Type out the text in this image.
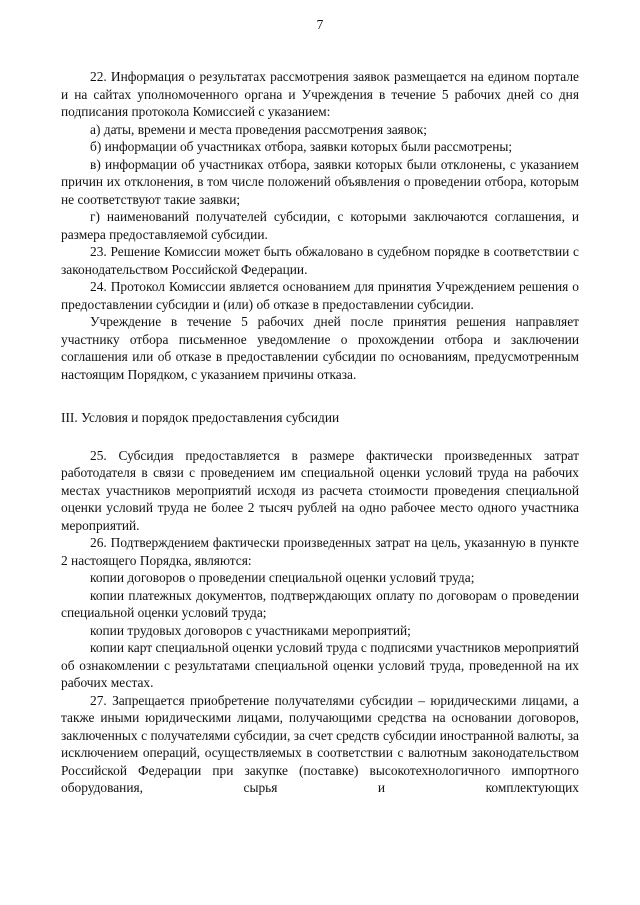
7

22. Информация о результатах рассмотрения заявок размещается на едином портале и на сайтах уполномоченного органа и Учреждения в течение 5 рабочих дней со дня подписания протокола Комиссией с указанием:

а) даты, времени и места проведения рассмотрения заявок;

б) информации об участниках отбора, заявки которых были рассмотрены;

в) информации об участниках отбора, заявки которых были отклонены, с указанием причин их отклонения, в том числе положений объявления о проведении отбора, которым не соответствуют такие заявки;

г) наименований получателей субсидии, с которыми заключаются соглашения, и размера предоставляемой субсидии.

23. Решение Комиссии может быть обжаловано в судебном порядке в соответствии с законодательством Российской Федерации.

24. Протокол Комиссии является основанием для принятия Учреждением решения о предоставлении субсидии и (или) об отказе в предоставлении субсидии.

Учреждение в течение 5 рабочих дней после принятия решения направляет участнику отбора письменное уведомление о прохождении отбора и заключении соглашения или об отказе в предоставлении субсидии по основаниям, предусмотренным настоящим Порядком, с указанием причины отказа.

III. Условия и порядок предоставления субсидии

25. Субсидия предоставляется в размере фактически произведенных затрат работодателя в связи с проведением им специальной оценки условий труда на рабочих местах участников мероприятий исходя из расчета стоимости проведения специальной оценки условий труда не более 2 тысяч рублей на одно рабочее место одного участника мероприятий.

26. Подтверждением фактически произведенных затрат на цель, указанную в пункте 2 настоящего Порядка, являются:

копии договоров о проведении специальной оценки условий труда;

копии платежных документов, подтверждающих оплату по договорам о проведении специальной оценки условий труда;

копии трудовых договоров с участниками мероприятий;

копии карт специальной оценки условий труда с подписями участников мероприятий об ознакомлении с результатами специальной оценки условий труда, проведенной на их рабочих местах.

27. Запрещается приобретение получателями субсидии – юридическими лицами, а также иными юридическими лицами, получающими средства на основании договоров, заключенных с получателями субсидии, за счет средств субсидии иностранной валюты, за исключением операций, осуществляемых в соответствии с валютным законодательством Российской Федерации при закупке (поставке) высокотехнологичного импортного оборудования, сырья и комплектующих
